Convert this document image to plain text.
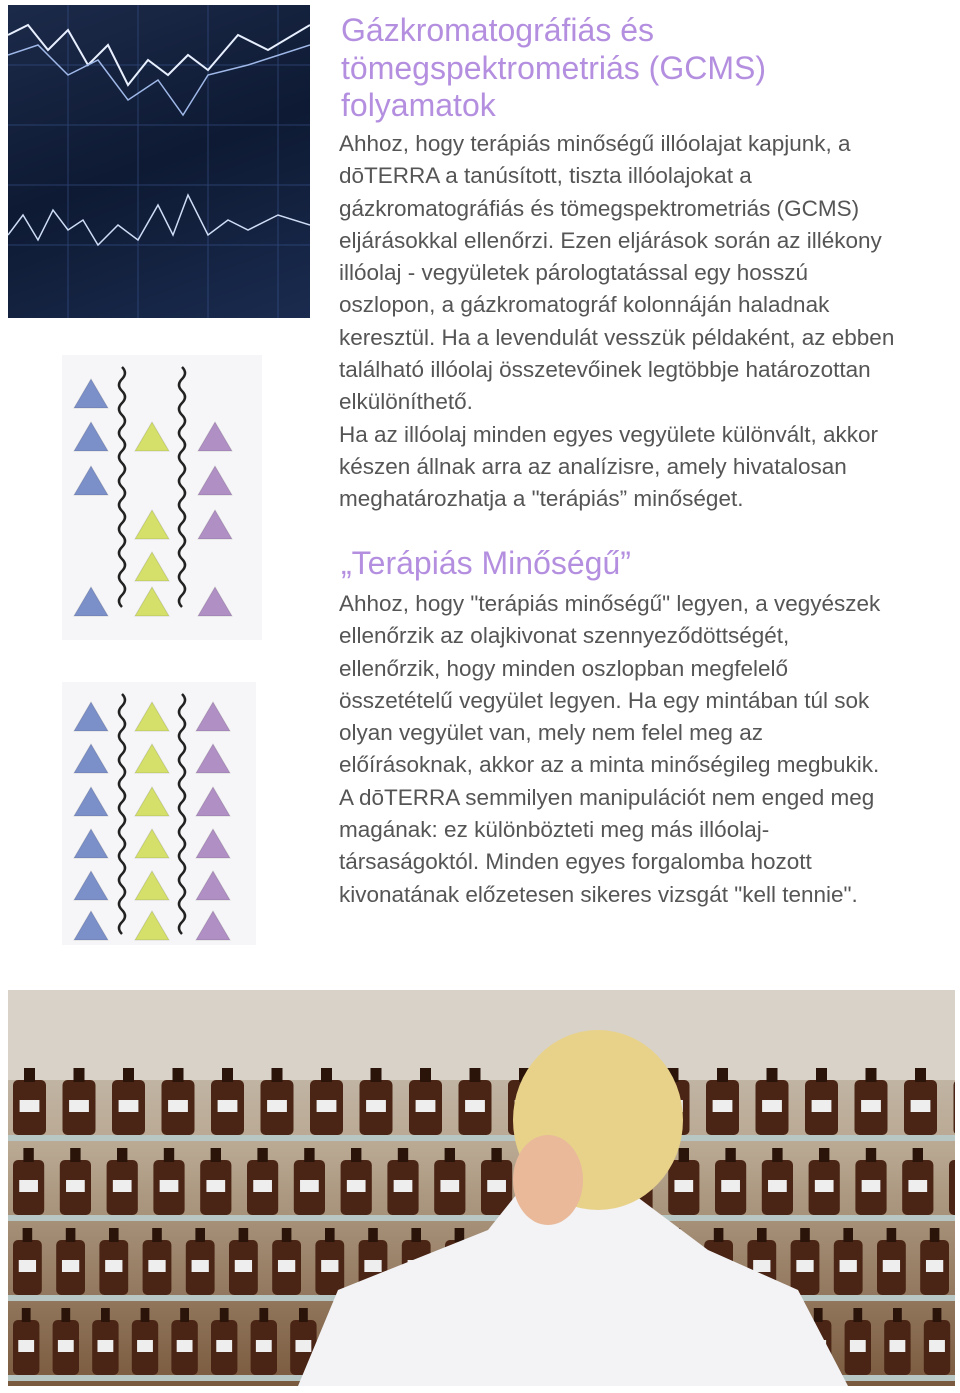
Gázkromatográfiás és
tömegspektrometriás (GCMS)
folyamatok
Ahhoz, hogy terápiás minőségű illóolajat kapjunk, a
dōTERRA a tanúsított, tiszta illóolajokat a
gázkromatográfiás és tömegspektrometriás (GCMS)
eljárásokkal ellenőrzi. Ezen eljárások során az illékony
illóolaj - vegyületek párologtatással egy hosszú
oszlopon, a gázkromatográf kolonnáján haladnak
keresztül. Ha a levendulát vesszük példaként, az ebben
található illóolaj összetevőinek legtöbbje határozottan
elkülöníthető.
Ha az illóolaj minden egyes vegyülete különvált, akkor
készen állnak arra az analízisre, amely hivatalosan
meghatározhatja a "terápiás” minőséget.
„Terápiás Minőségű”
Ahhoz, hogy "terápiás minőségű" legyen, a vegyészek
ellenőrzik az olajkivonat szennyeződöttségét,
ellenőrzik, hogy minden oszlopban megfelelő
összetételű vegyület legyen. Ha egy mintában túl sok
olyan vegyület van, mely nem felel meg az
előírásoknak, akkor az a minta minőségileg megbukik.
A dōTERRA semmilyen manipulációt nem enged meg
magának: ez különbözteti meg más illóolaj-
társaságoktól. Minden egyes forgalomba hozott
kivonatának előzetesen sikeres vizsgát "kell tennie".
